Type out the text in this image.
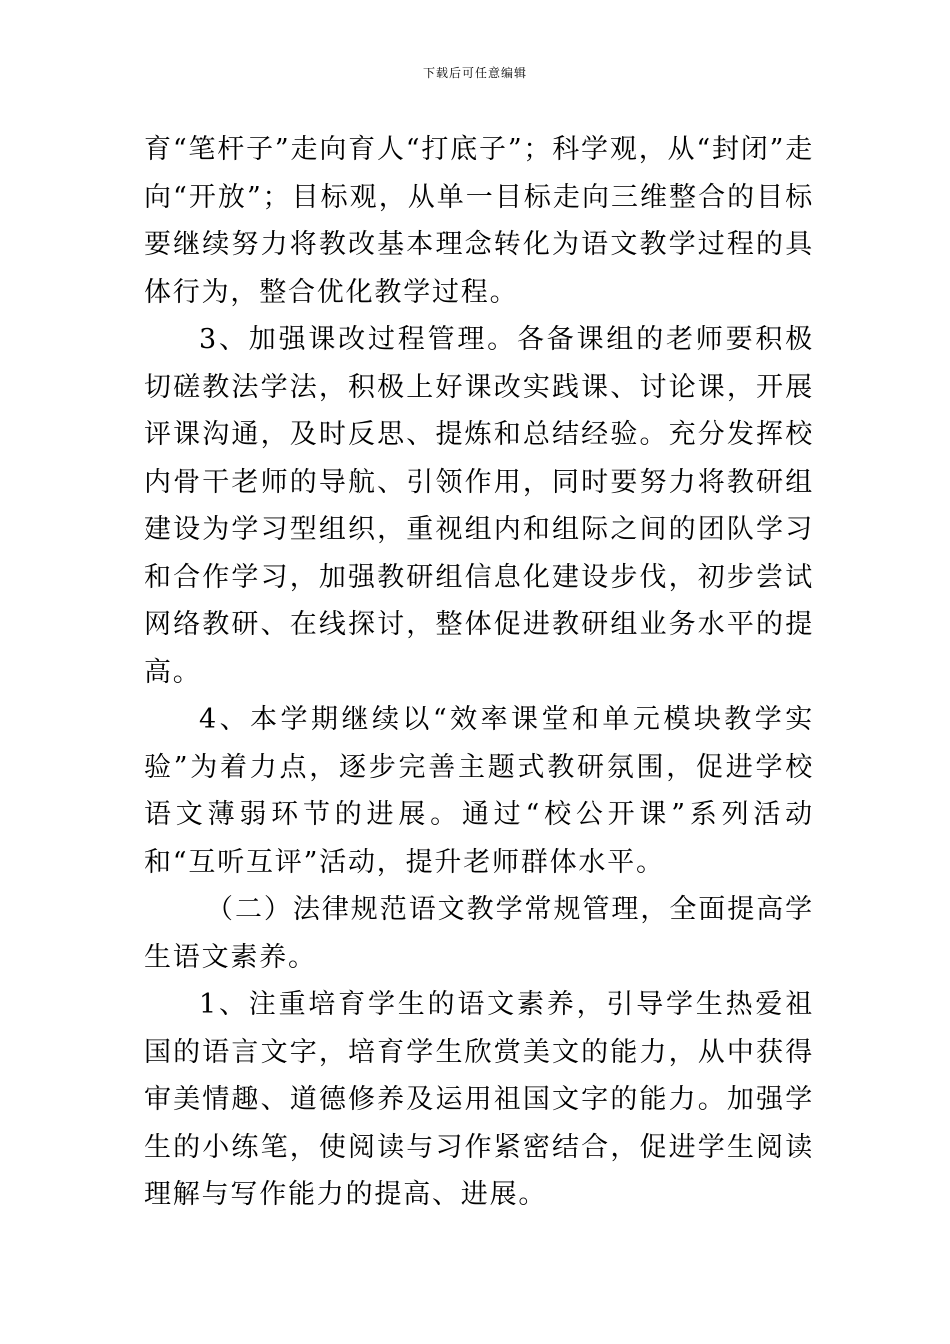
下载后可任意编辑

育“笔杆子”走向育人“打底子”；科学观，从“封闭”走向“开放”；目标观，从单一目标走向三维整合的目标要继续努力将教改基本理念转化为语文教学过程的具体行为，整合优化教学过程。

3、加强课改过程管理。各备课组的老师要积极切磋教法学法，积极上好课改实践课、讨论课，开展评课沟通，及时反思、提炼和总结经验。充分发挥校内骨干老师的导航、引领作用，同时要努力将教研组建设为学习型组织，重视组内和组际之间的团队学习和合作学习，加强教研组信息化建设步伐，初步尝试网络教研、在线探讨，整体促进教研组业务水平的提高。

4、本学期继续以“效率课堂和单元模块教学实验”为着力点，逐步完善主题式教研氛围，促进学校语文薄弱环节的进展。通过“校公开课”系列活动和“互听互评”活动，提升老师群体水平。

（二）法律规范语文教学常规管理，全面提高学生语文素养。

1、注重培育学生的语文素养，引导学生热爱祖国的语言文字，培育学生欣赏美文的能力，从中获得审美情趣、道德修养及运用祖国文字的能力。加强学生的小练笔，使阅读与习作紧密结合，促进学生阅读理解与写作能力的提高、进展。
